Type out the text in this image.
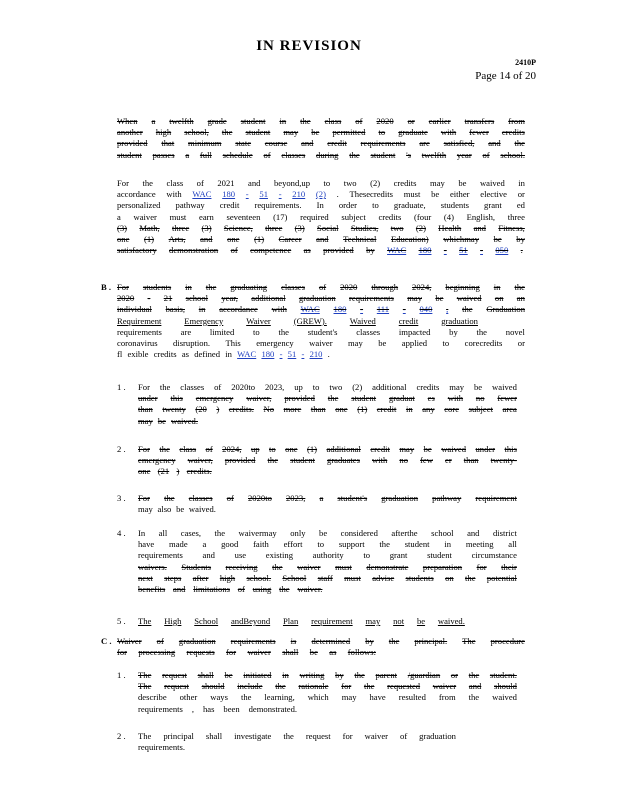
IN REVISION
2410P
Page 14 of 20
When a twelfth grade student in the class of 2020 or earlier transfers from
another high school, the student may be permitted to graduate with fewer credits
provided that minimum state course and credit requirements are satisfied, and the
student passes a full schedule of classes during the student 's twelfth year of school.
For the class of 2021 and beyond,up to two (2) credits may be waived in
accordance with WAC 180 - 51 - 210 (2) . Thesecredits must be either elective or
personalized pathway credit requirements. In order to graduate, students grant ed
a waiver must earn seventeen (17) required subject credits (four (4) English, three
(3) Math, three (3) Science, three (3) Social Studies, two (2) Health and Fitness,
one (1) Arts, and one (1) Career and Technical Education) whichmay be by
satisfactory demonstration of competence as provided by WAC 180 - 51 - 050 .
B . For students in the graduating classes of 2020 through 2024, beginning in the
2020 - 21 school year, additional graduation requirements may be waived on an
individual basis, in accordance with WAC 180 - 111 - 040 , the Graduation
Requirement	Emergency	Waiver	(GREW).	Waived	credit	graduation
requirements are limited to the student's classes impacted by the novel
coronavirus disruption. This emergency waiver may be applied to corecredits or
fl exible credits as defined in WAC 180 - 51 - 210 .
1 . For the classes of 2020to 2023, up to two (2) additional credits may be waived
under this emergency waiver, provided the student graduat es with no fewer
than twenty (20 ) credits. No more than one (1) credit in any core subject area
may be waived.
2 . For the class of 2024, up to one (1) additional credit may be waived under this
emergency waiver, provided the student graduates with no few er than twenty-
one (21 ) credits.
3 . For the classes of 2020to 2023, a student's graduation pathway requirement
may also be waived.
4 . In all cases, the waivermay only be considered afterthe school and district
have made a good faith effort to support the student in meeting all
requirements and use existing authority to grant student circumstance
waivers. Students receiving the waiver must demonstrate preparation for their
next steps after high school. School staff must advise students on the potential
benefits and limitations of using the waiver.
5 . The High School andBeyond Plan requirement may not be waived.
C . Waiver of graduation requirements is determined by the principal. The procedure
for processing requests for waiver shall be as follows:
1 . The request shall be initiated in writing by the parent /guardian or the student.
The request should include the rationale for the requested waiver and should
describe other ways the learning, which may have resulted from the waived
requirements , has been demonstrated.
2 . The principal shall investigate the request for waiver of graduation
requirements.
